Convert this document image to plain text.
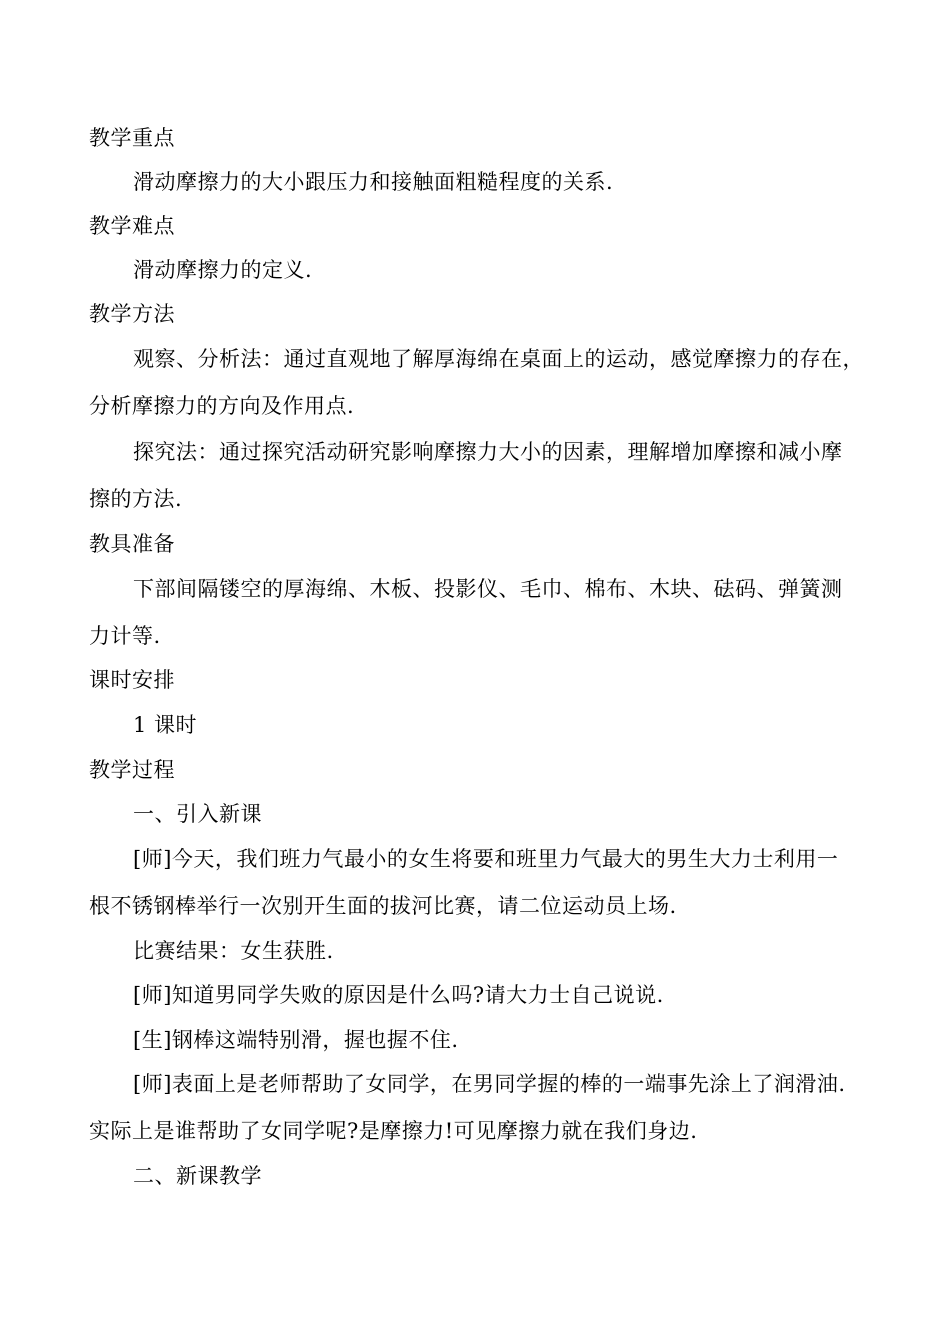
教学重点
滑动摩擦力的大小跟压力和接触面粗糙程度的关系.
教学难点
滑动摩擦力的定义.
教学方法
观察、分析法：通过直观地了解厚海绵在桌面上的运动，感觉摩擦力的存在，
分析摩擦力的方向及作用点.
探究法：通过探究活动研究影响摩擦力大小的因素，理解增加摩擦和减小摩
擦的方法.
教具准备
下部间隔镂空的厚海绵、木板、投影仪、毛巾、棉布、木块、砝码、弹簧测
力计等.
课时安排
1 课时
教学过程
一、引入新课
[师]今天，我们班力气最小的女生将要和班里力气最大的男生大力士利用一
根不锈钢棒举行一次别开生面的拔河比赛，请二位运动员上场.
比赛结果：女生获胜.
[师]知道男同学失败的原因是什么吗?请大力士自己说说.
[生]钢棒这端特别滑，握也握不住.
[师]表面上是老师帮助了女同学，在男同学握的棒的一端事先涂上了润滑油.
实际上是谁帮助了女同学呢?是摩擦力!可见摩擦力就在我们身边.
二、新课教学
